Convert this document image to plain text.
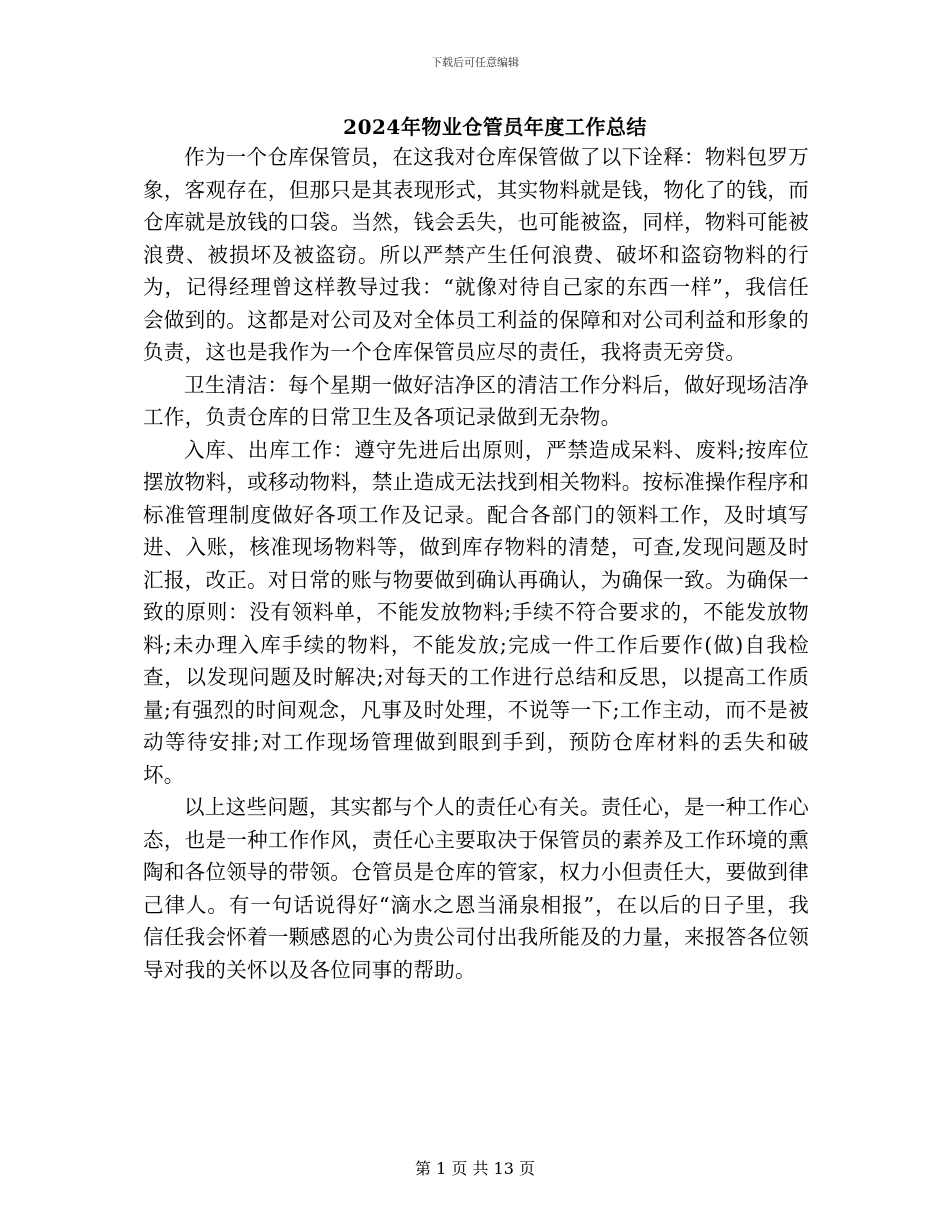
下载后可任意编辑
2024年物业仓管员年度工作总结

作为一个仓库保管员，在这我对仓库保管做了以下诠释：物料包罗万象，客观存在，但那只是其表现形式，其实物料就是钱，物化了的钱，而仓库就是放钱的口袋。当然，钱会丢失，也可能被盗，同样，物料可能被浪费、被损坏及被盗窃。所以严禁产生任何浪费、破坏和盗窃物料的行为，记得经理曾这样教导过我：“就像对待自己家的东西一样”，我信任会做到的。这都是对公司及对全体员工利益的保障和对公司利益和形象的负责，这也是我作为一个仓库保管员应尽的责任，我将责无旁贷。

卫生清洁：每个星期一做好洁净区的清洁工作分料后，做好现场洁净工作，负责仓库的日常卫生及各项记录做到无杂物。

入库、出库工作：遵守先进后出原则，严禁造成呆料、废料;按库位摆放物料，或移动物料，禁止造成无法找到相关物料。按标准操作程序和标准管理制度做好各项工作及记录。配合各部门的领料工作，及时填写进、入账，核准现场物料等，做到库存物料的清楚，可查,发现问题及时汇报，改正。对日常的账与物要做到确认再确认，为确保一致。为确保一致的原则：没有领料单，不能发放物料;手续不符合要求的，不能发放物料;未办理入库手续的物料，不能发放;完成一件工作后要作(做)自我检查，以发现问题及时解决;对每天的工作进行总结和反思，以提高工作质量;有强烈的时间观念，凡事及时处理，不说等一下;工作主动，而不是被动等待安排;对工作现场管理做到眼到手到，预防仓库材料的丢失和破坏。

以上这些问题，其实都与个人的责任心有关。责任心，是一种工作心态，也是一种工作作风，责任心主要取决于保管员的素养及工作环境的熏陶和各位领导的带领。仓管员是仓库的管家，权力小但责任大，要做到律己律人。有一句话说得好“滴水之恩当涌泉相报”，在以后的日子里，我信任我会怀着一颗感恩的心为贵公司付出我所能及的力量，来报答各位领导对我的关怀以及各位同事的帮助。

第 1 页 共 13 页
